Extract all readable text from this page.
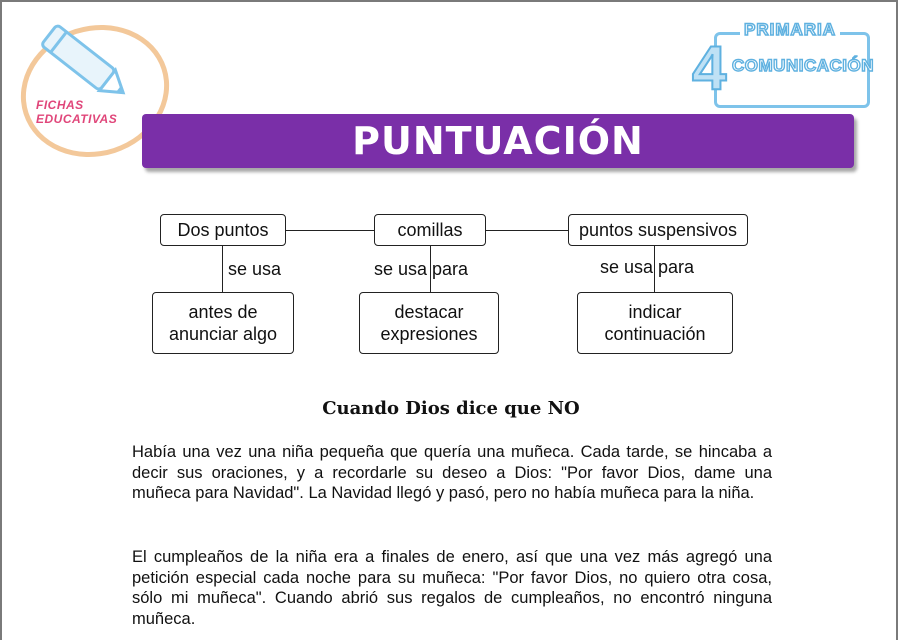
FICHAS
EDUCATIVAS
PRIMARIA
4 COMUNICACIÓN
PUNTUACIÓN
Dos puntos	comillas	puntos suspensivos
se usa	se usa para	se usa para
antes de
anunciar algo
destacar
expresiones
indicar
continuación
Cuando Dios dice que NO
Había una vez una niña pequeña que quería una muñeca. Cada tarde, se hincaba a decir sus oraciones, y a recordarle su deseo a Dios: "Por favor Dios, dame una muñeca para Navidad". La Navidad llegó y pasó, pero no había muñeca para la niña.
El cumpleaños de la niña era a finales de enero, así que una vez más agregó una petición especial cada noche para su muñeca: "Por favor Dios, no quiero otra cosa, sólo mi muñeca". Cuando abrió sus regalos de cumpleaños, no encontró ninguna muñeca.
